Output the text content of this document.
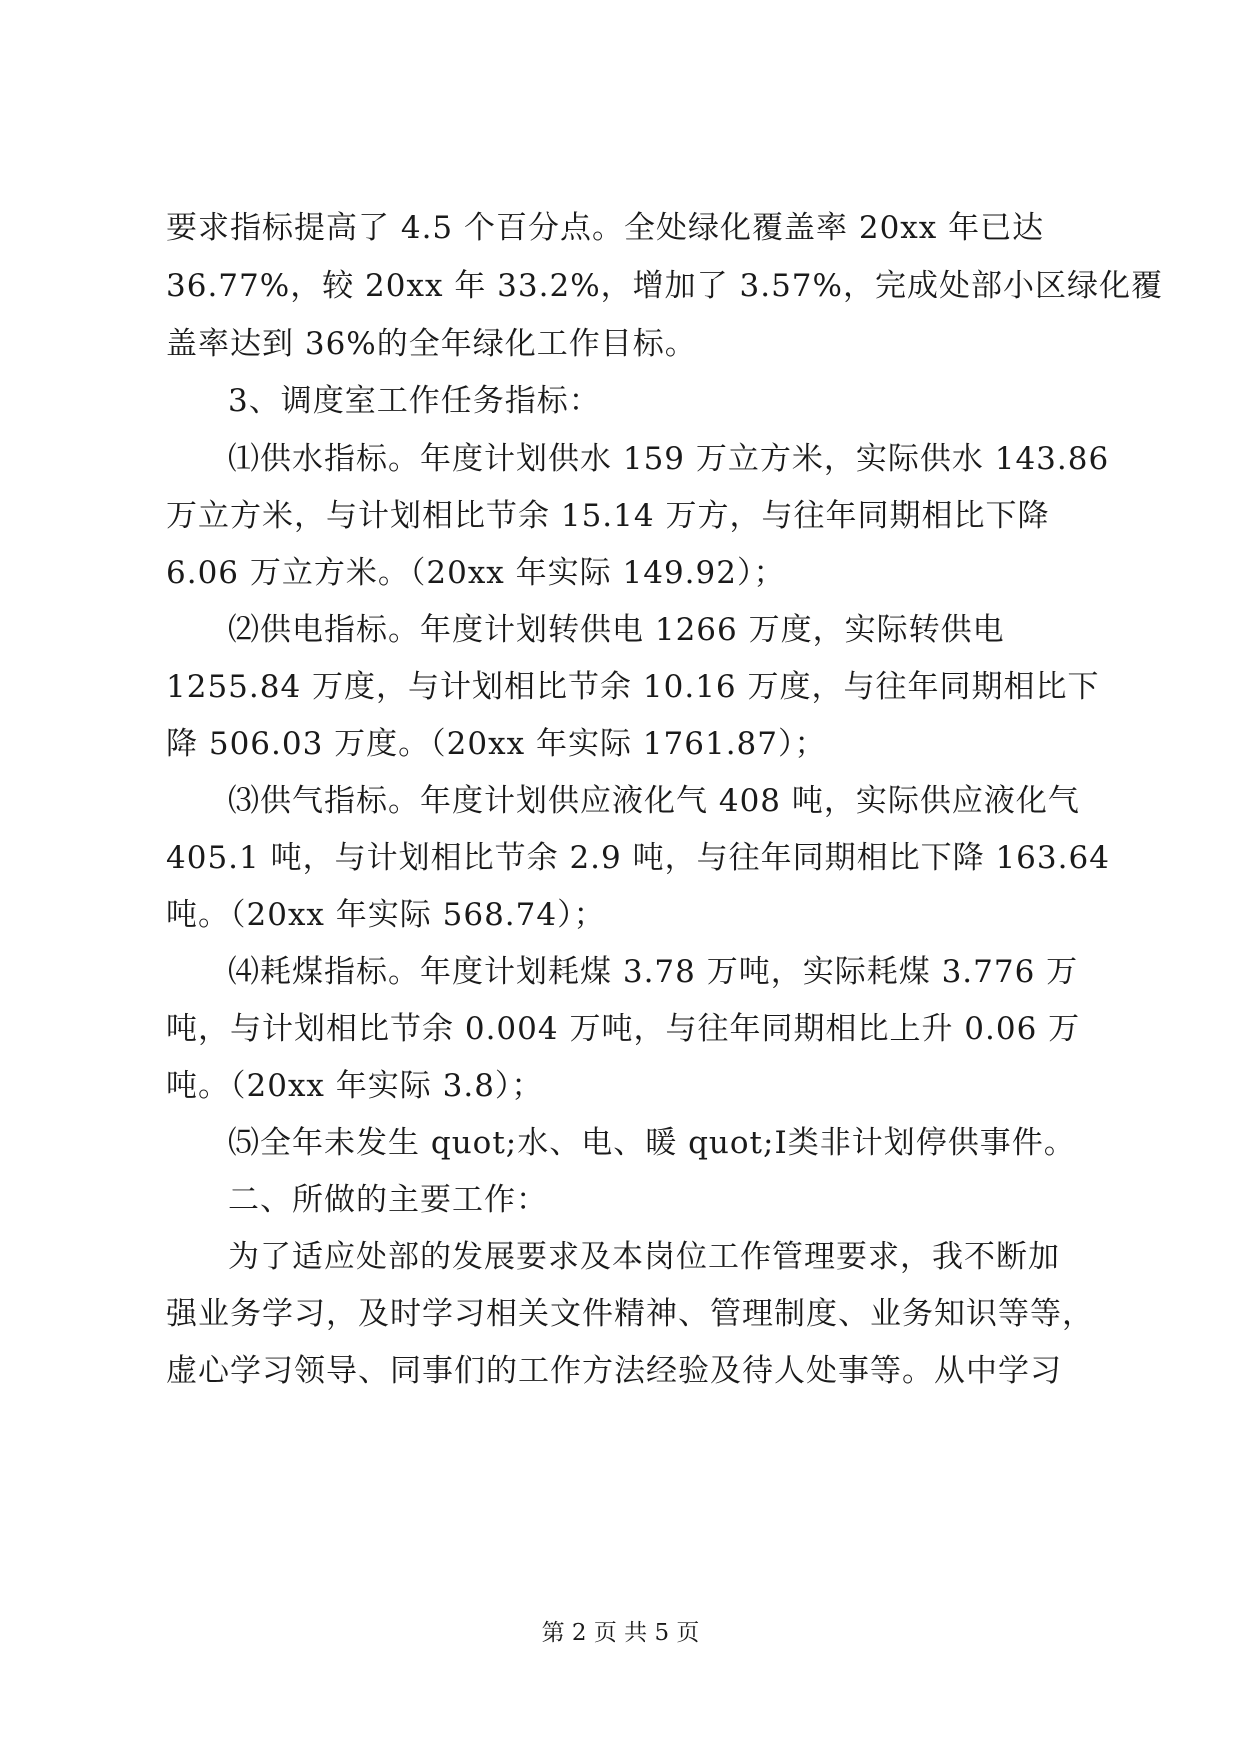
要求指标提高了 4.5 个百分点。全处绿化覆盖率 20xx 年已达
36.77%，较 20xx 年 33.2%，增加了 3.57%，完成处部小区绿化覆
盖率达到 36%的全年绿化工作目标。
3、调度室工作任务指标：
⑴供水指标。年度计划供水 159 万立方米，实际供水 143.86
万立方米，与计划相比节余 15.14 万方，与往年同期相比下降
6.06 万立方米。（20xx 年实际 149.92）；
⑵供电指标。年度计划转供电 1266 万度，实际转供电
1255.84 万度，与计划相比节余 10.16 万度，与往年同期相比下
降 506.03 万度。（20xx 年实际 1761.87）；
⑶供气指标。年度计划供应液化气 408 吨，实际供应液化气
405.1 吨，与计划相比节余 2.9 吨，与往年同期相比下降 163.64
吨。（20xx 年实际 568.74）；
⑷耗煤指标。年度计划耗煤 3.78 万吨，实际耗煤 3.776 万
吨，与计划相比节余 0.004 万吨，与往年同期相比上升 0.06 万
吨。（20xx 年实际 3.8）；
⑸全年未发生 quot;水、电、暖 quot;Ⅰ类非计划停供事件。
二、所做的主要工作：
为了适应处部的发展要求及本岗位工作管理要求，我不断加
强业务学习，及时学习相关文件精神、管理制度、业务知识等等，
虚心学习领导、同事们的工作方法经验及待人处事等。从中学习
第 2 页 共 5 页
